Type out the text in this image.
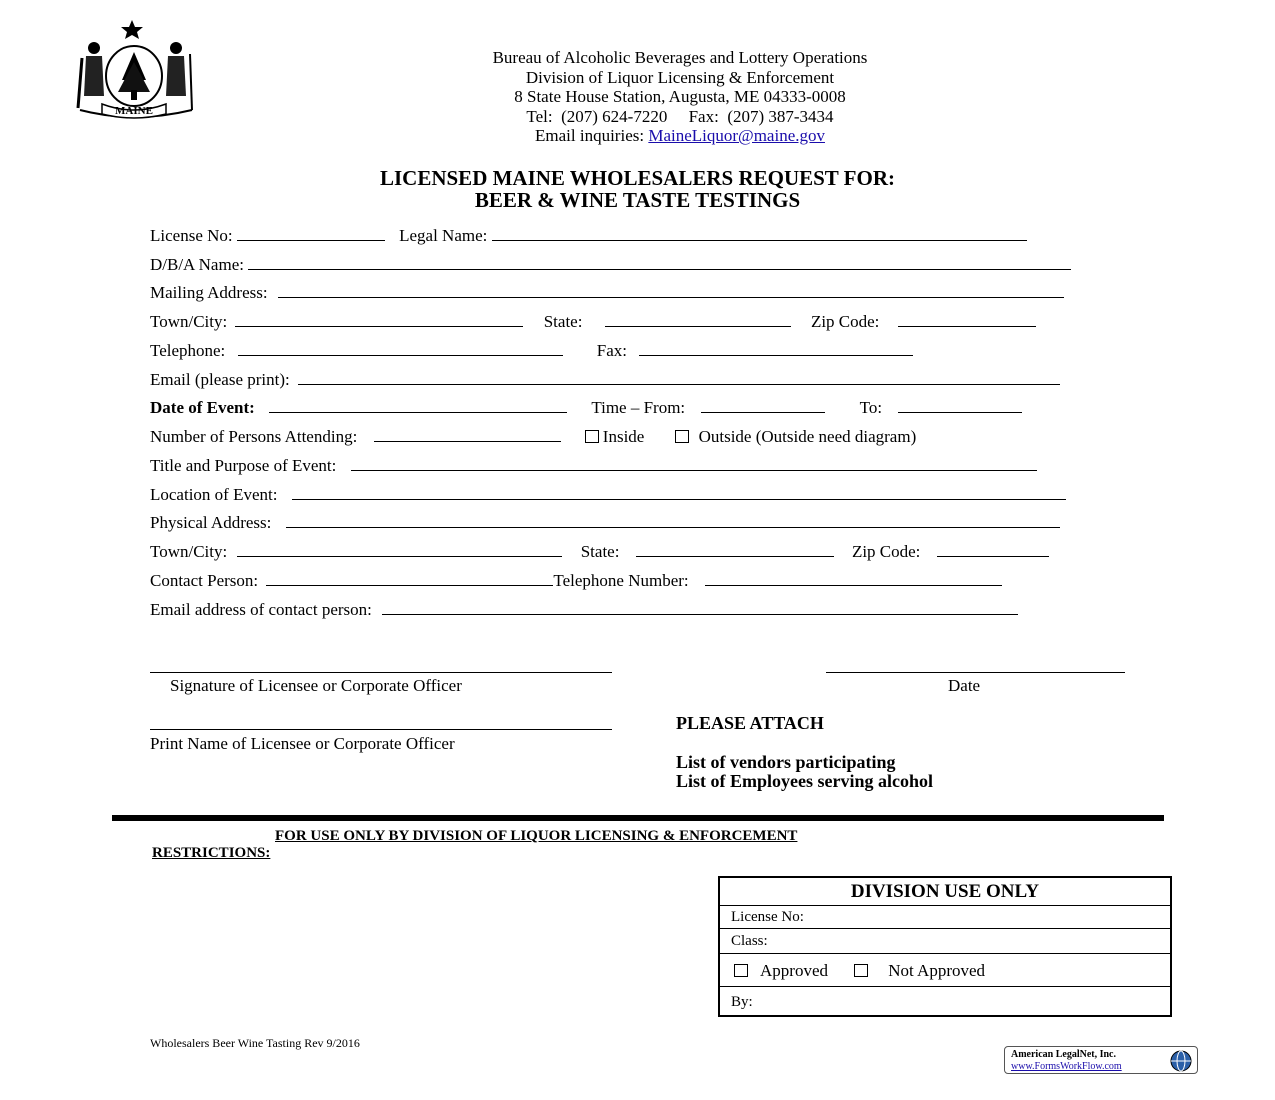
MAINE
Bureau of Alcoholic Beverages and Lottery Operations
Division of Liquor Licensing & Enforcement
8 State House Station, Augusta, ME 04333-0008
Tel:  (207) 624-7220     Fax:  (207) 387-3434
Email inquiries: MaineLiquor@maine.gov
LICENSED MAINE WHOLESALERS REQUEST FOR:
BEER & WINE TASTE TESTINGS
License No:	Legal Name:
D/B/A Name:
Mailing Address:
Town/City:	State:	Zip Code:
Telephone:	Fax:
Email (please print):
Date of Event:	Time – From:	To:
Number of Persons Attending:	Inside	Outside (Outside need diagram)
Title and Purpose of Event:
Location of Event:
Physical Address:
Town/City:	State:	Zip Code:
Contact Person:	Telephone Number:
Email address of contact person:
Signature of Licensee or Corporate Officer	Date
Print Name of Licensee or Corporate Officer
PLEASE ATTACH
List of vendors participating
List of Employees serving alcohol
FOR USE ONLY BY DIVISION OF LIQUOR LICENSING & ENFORCEMENT
RESTRICTIONS:
DIVISION USE ONLY
License No:
Class:
Approved	Not Approved
By:
Wholesalers Beer Wine Tasting Rev 9/2016
American LegalNet, Inc.
www.FormsWorkFlow.com
